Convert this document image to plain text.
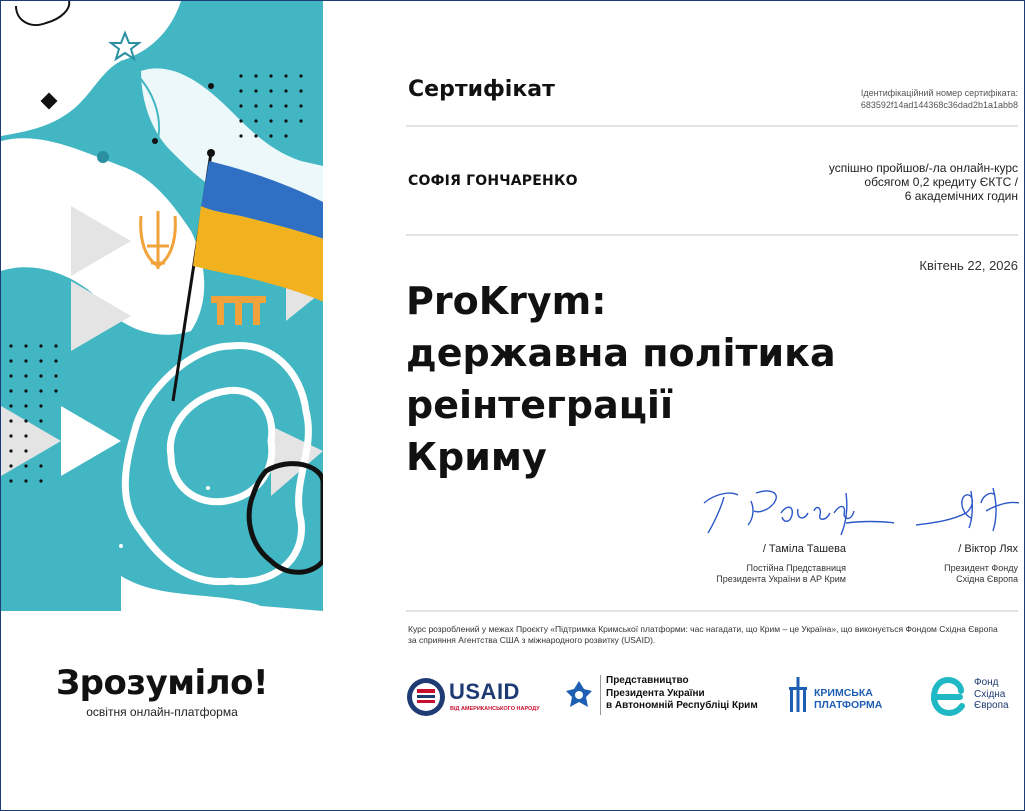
Зрозуміло!
освітня онлайн-платформа
Сертифікат	Ідентифікаційний номер сертифіката:
683592f14ad144368c36dad2b1a1abb8
СОФІЯ ГОНЧАРЕНКО
успішно пройшов/-ла онлайн-курс
обсягом 0,2 кредиту ЄКТС /
6 академічних годин
Квітень 22, 2026
ProKrym:
державна політика
реінтеграції
Криму
/ Таміла Ташева
Постійна Представниця
Президента України в АР Крим
/ Віктор Лях
Президент Фонду
Східна Європа
Курс розроблений у межах Проєкту «Підтримка Кримської платформи: час нагадати, що Крим – це Україна», що виконується Фондом Східна Європа за сприяння Агентства США з міжнародного розвитку (USAID).
USAID
ВІД АМЕРИКАНСЬКОГО НАРОДУ
Представництво
Президента України
в Автономній Республіці Крим
КРИМСЬКА
ПЛАТФОРМА
Фонд
Східна
Європа
